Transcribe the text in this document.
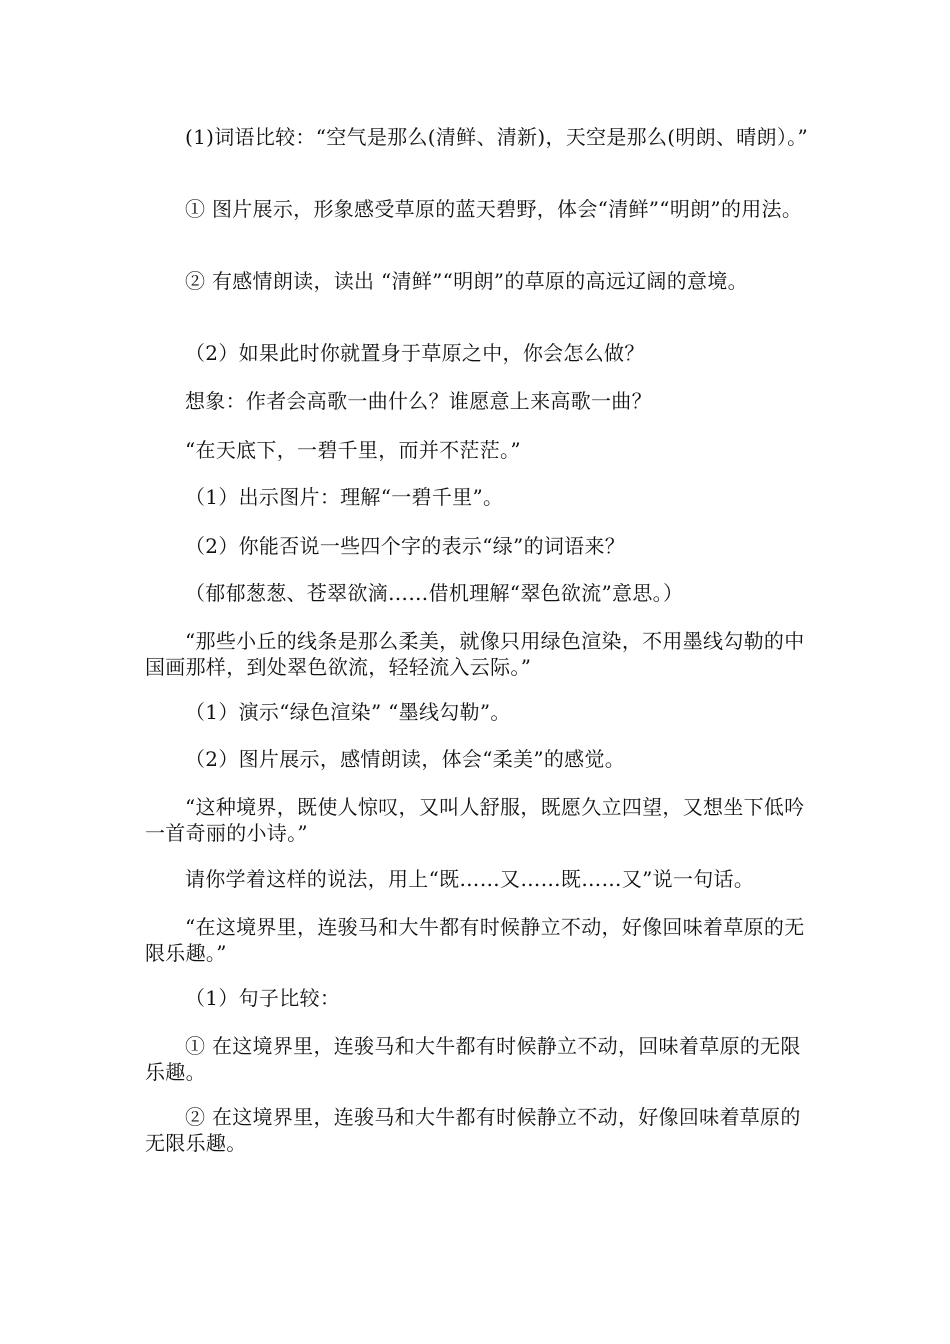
(1)词语比较：“空气是那么(清鲜、清新)，天空是那么(明朗、晴朗）。”

① 图片展示，形象感受草原的蓝天碧野，体会“清鲜”“明朗”的用法。

② 有感情朗读，读出 “清鲜”“明朗”的草原的高远辽阔的意境。

（2）如果此时你就置身于草原之中，你会怎么做？

想象：作者会高歌一曲什么？谁愿意上来高歌一曲？

“在天底下，一碧千里，而并不茫茫。”

（1）出示图片：理解“一碧千里”。

（2）你能否说一些四个字的表示“绿”的词语来？

（郁郁葱葱、苍翠欲滴……借机理解“翠色欲流”意思。）

“那些小丘的线条是那么柔美，就像只用绿色渲染，不用墨线勾勒的中国画那样，到处翠色欲流，轻轻流入云际。”

（1）演示“绿色渲染” “墨线勾勒”。

（2）图片展示，感情朗读，体会“柔美”的感觉。

“这种境界，既使人惊叹，又叫人舒服，既愿久立四望，又想坐下低吟一首奇丽的小诗。”

请你学着这样的说法，用上“既……又……既……又”说一句话。

“在这境界里，连骏马和大牛都有时候静立不动，好像回味着草原的无限乐趣。”

（1）句子比较：

① 在这境界里，连骏马和大牛都有时候静立不动，回味着草原的无限乐趣。

② 在这境界里，连骏马和大牛都有时候静立不动，好像回味着草原的无限乐趣。
